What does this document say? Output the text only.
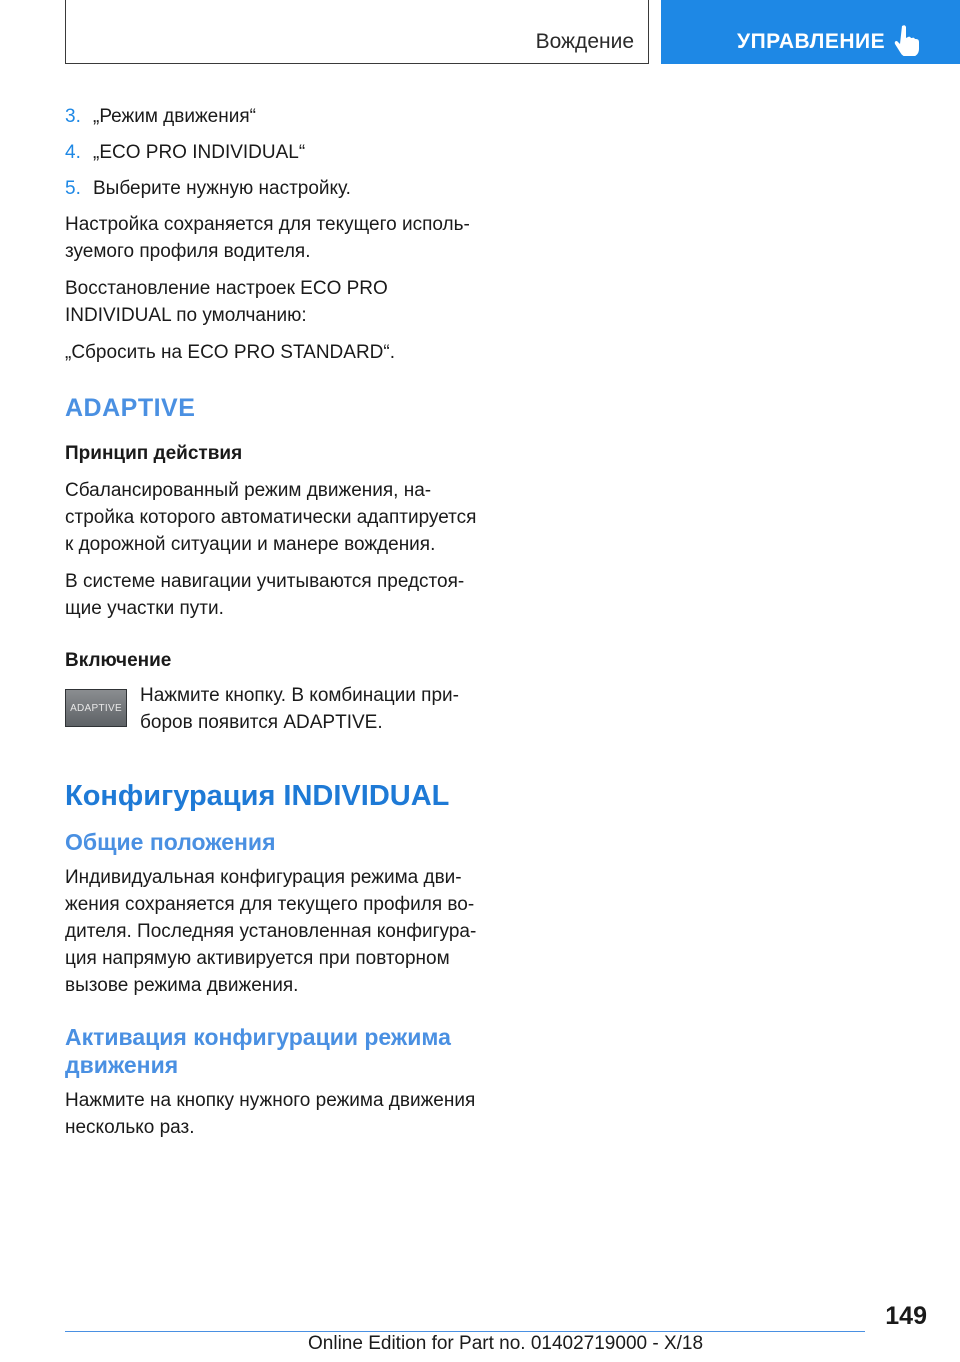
Вождение	УПРАВЛЕНИЕ
3. „Режим движения“
4. „ECO PRO INDIVIDUAL“
5. Выберите нужную настройку.

Настройка сохраняется для текущего исполь- зуемого профиля водителя.

Восстановление настроек ECO PRO INDIVIDUAL по умолчанию:

„Сбросить на ECO PRO STANDARD“.

ADAPTIVE
Принцип действия

Сбалансированный режим движения, на- стройка которого автоматически адаптируется к дорожной ситуации и манере вождения.

В системе навигации учитываются предстоя- щие участки пути.

Включение
ADAPTIVE

Нажмите кнопку. В комбинации при- боров появится ADAPTIVE.

Конфигурация INDIVIDUAL
Общие положения

Индивидуальная конфигурация режима дви- жения сохраняется для текущего профиля во- дителя. Последняя установленная конфигура- ция напрямую активируется при повторном вызове режима движения.

Активация конфигурации режима движения

Нажмите на кнопку нужного режима движения несколько раз.

149
Online Edition for Part no. 01402719000 - X/18
